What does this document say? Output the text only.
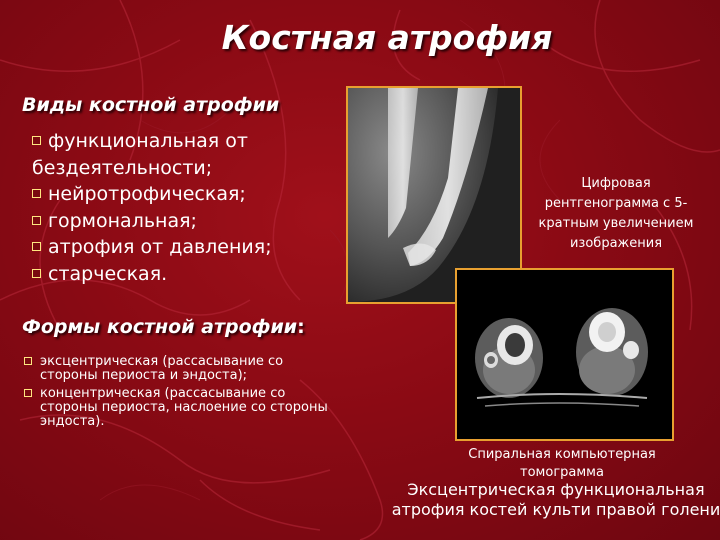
Костная атрофия
Виды костной атрофии
функциональная от бездеятельности;
нейротрофическая;
гормональная;
атрофия от давления;
старческая.
Формы костной атрофии:
эксцентрическая (рассасывание со стороны периоста и эндоста);
концентрическая (рассасывание со стороны периоста, наслоение со стороны эндоста).
Цифровая рентгенограмма с 5-кратным увеличением изображения
Спиральная компьютерная томограмма
Эксцентрическая функциональная атрофия костей культи правой голени
